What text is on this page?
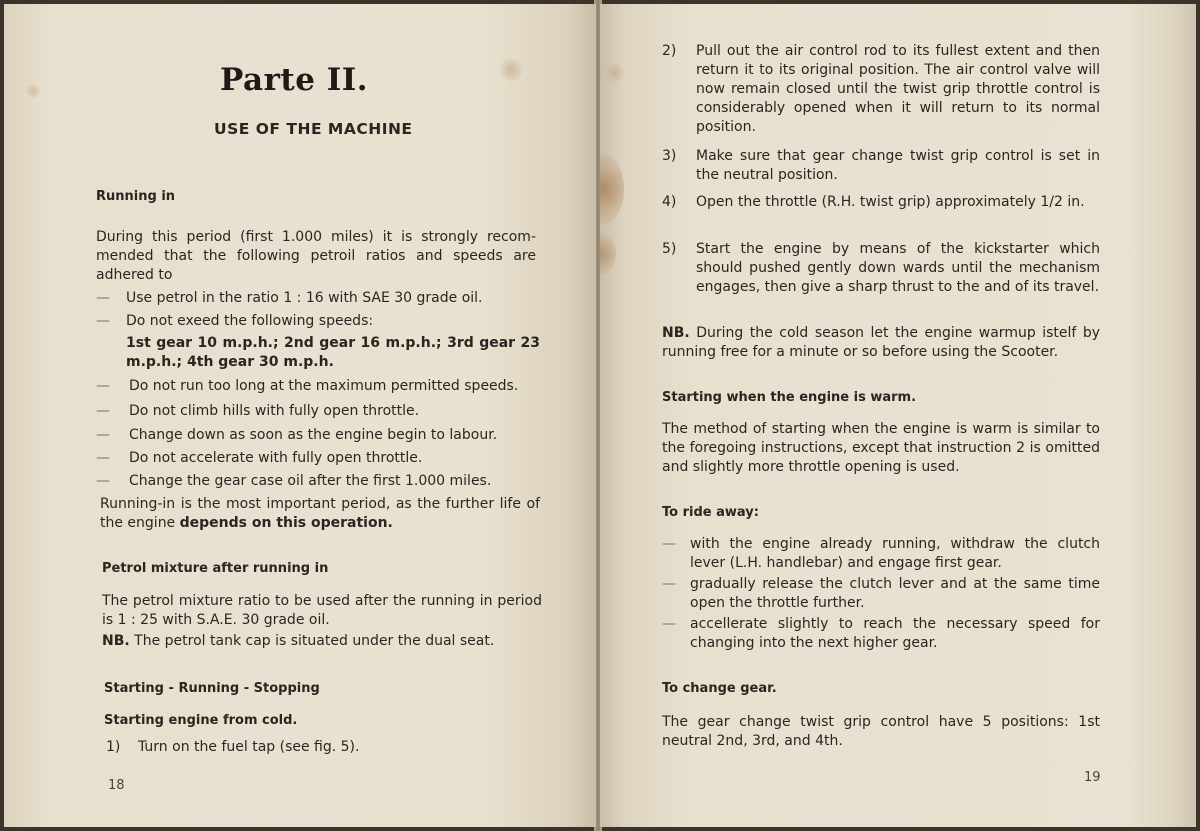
Parte II.
USE OF THE MACHINE
Running in

During this period (first 1.000 miles) it is strongly recommended that the following petroil ratios and speeds are adhered to

— Use petrol in the ratio 1 : 16 with SAE 30 grade oil.

— Do not exeed the following speeds:

1st gear 10 m.p.h.; 2nd gear 16 m.p.h.; 3rd gear 23 m.p.h.; 4th gear 30 m.p.h.

— Do not run too long at the maximum permitted speeds.

— Do not climb hills with fully open throttle.

— Change down as soon as the engine begin to labour.

— Do not accelerate with fully open throttle.

— Change the gear case oil after the first 1.000 miles.

Running-in is the most important period, as the further life of the engine depends on this operation.

Petrol mixture after running in

The petrol mixture ratio to be used after the running in period is 1 : 25 with S.A.E. 30 grade oil.

NB. The petrol tank cap is situated under the dual seat.

Starting - Running - Stopping
Starting engine from cold.
1) Turn on the fuel tap (see fig. 5).

18
2) Pull out the air control rod to its fullest extent and then return it to its original position. The air control valve will now remain closed until the twist grip throttle control is considerably opened when it will return to its normal position.

3) Make sure that gear change twist grip control is set in the neutral position.

4) Open the throttle (R.H. twist grip) approximately 1/2 in.

5) Start the engine by means of the kickstarter which should pushed gently down wards until the mechanism engages, then give a sharp thrust to the and of its travel.

NB. During the cold season let the engine warmup istelf by running free for a minute or so before using the Scooter.

Starting when the engine is warm.

The method of starting when the engine is warm is similar to the foregoing instructions, except that instruction 2 is omitted and slightly more throttle opening is used.

To ride away:
— with the engine already running, withdraw the clutch lever (L.H. handlebar) and engage first gear.

— gradually release the clutch lever and at the same time open the throttle further.

— accellerate slightly to reach the necessary speed for changing into the next higher gear.

To change gear.

The gear change twist grip control have 5 positions: 1st neutral 2nd, 3rd, and 4th.

19
